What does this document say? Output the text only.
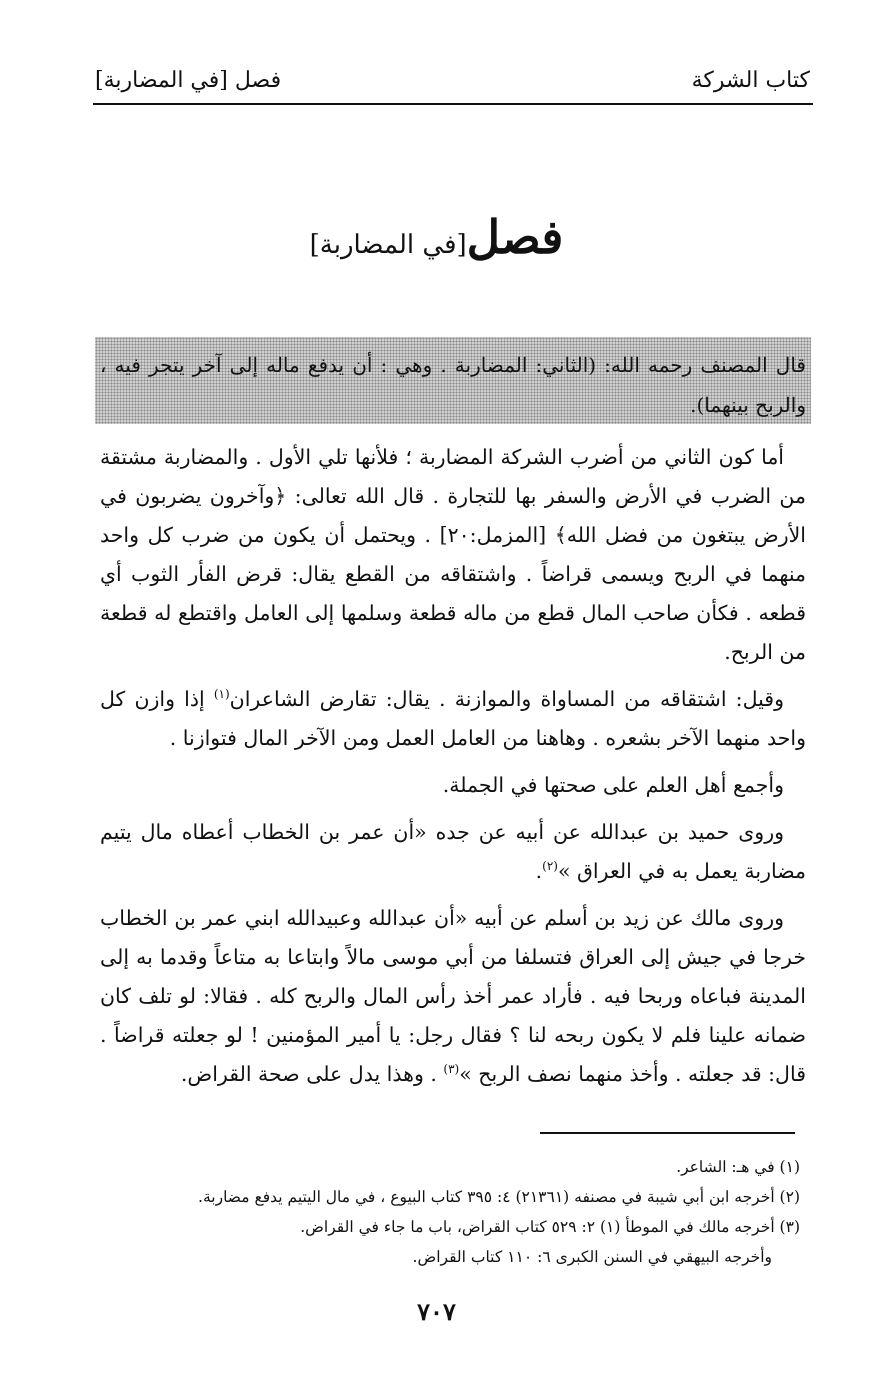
كتاب الشركة
فصل [في المضاربة]
فصل[في المضاربة]
قال المصنف رحمه الله: (الثاني: المضاربة . وهي : أن يدفع ماله إلى آخر يتجر فيه ، والربح بينهما).

أما كون الثاني من أضرب الشركة المضاربة ؛ فلأنها تلي الأول . والمضاربة مشتقة من الضرب في الأرض والسفر بها للتجارة . قال الله تعالى: ﴿وآخرون يضربون في الأرض يبتغون من فضل الله﴾ [المزمل:٢٠] . ويحتمل أن يكون من ضرب كل واحد منهما في الربح ويسمى قراضاً . واشتقاقه من القطع يقال: قرض الفأر الثوب أي قطعه . فكأن صاحب المال قطع من ماله قطعة وسلمها إلى العامل واقتطع له قطعة من الربح.

وقيل: اشتقاقه من المساواة والموازنة . يقال: تقارض الشاعران$^{(١)}$ إذا وازن كل واحد منهما الآخر بشعره . وهاهنا من العامل العمل ومن الآخر المال فتوازنا .

وأجمع أهل العلم على صحتها في الجملة.

وروى حميد بن عبدالله عن أبيه عن جده «أن عمر بن الخطاب أعطاه مال يتيم مضاربة يعمل به في العراق »$^{(٢)}$.

وروى مالك عن زيد بن أسلم عن أبيه «أن عبدالله وعبيدالله ابني عمر بن الخطاب خرجا في جيش إلى العراق فتسلفا من أبي موسى مالاً وابتاعا به متاعاً وقدما به إلى المدينة فباعاه وربحا فيه . فأراد عمر أخذ رأس المال والربح كله . فقالا: لو تلف كان ضمانه علينا فلم لا يكون ربحه لنا ؟ فقال رجل: يا أمير المؤمنين ! لو جعلته قراضاً . قال: قد جعلته . وأخذ منهما نصف الربح »$^{(٣)}$ . وهذا يدل على صحة القراض.

(١) في هـ: الشاعر.
(٢) أخرجه ابن أبي شيبة في مصنفه (٢١٣٦١) ٤: ٣٩٥ كتاب البيوع ، في مال اليتيم يدفع مضاربة.
(٣) أخرجه مالك في الموطأ (١) ٢: ٥٢٩ كتاب القراض، باب ما جاء في القراض.
وأخرجه البيهقي في السنن الكبرى ٦: ١١٠ كتاب القراض.
٧٠٧
